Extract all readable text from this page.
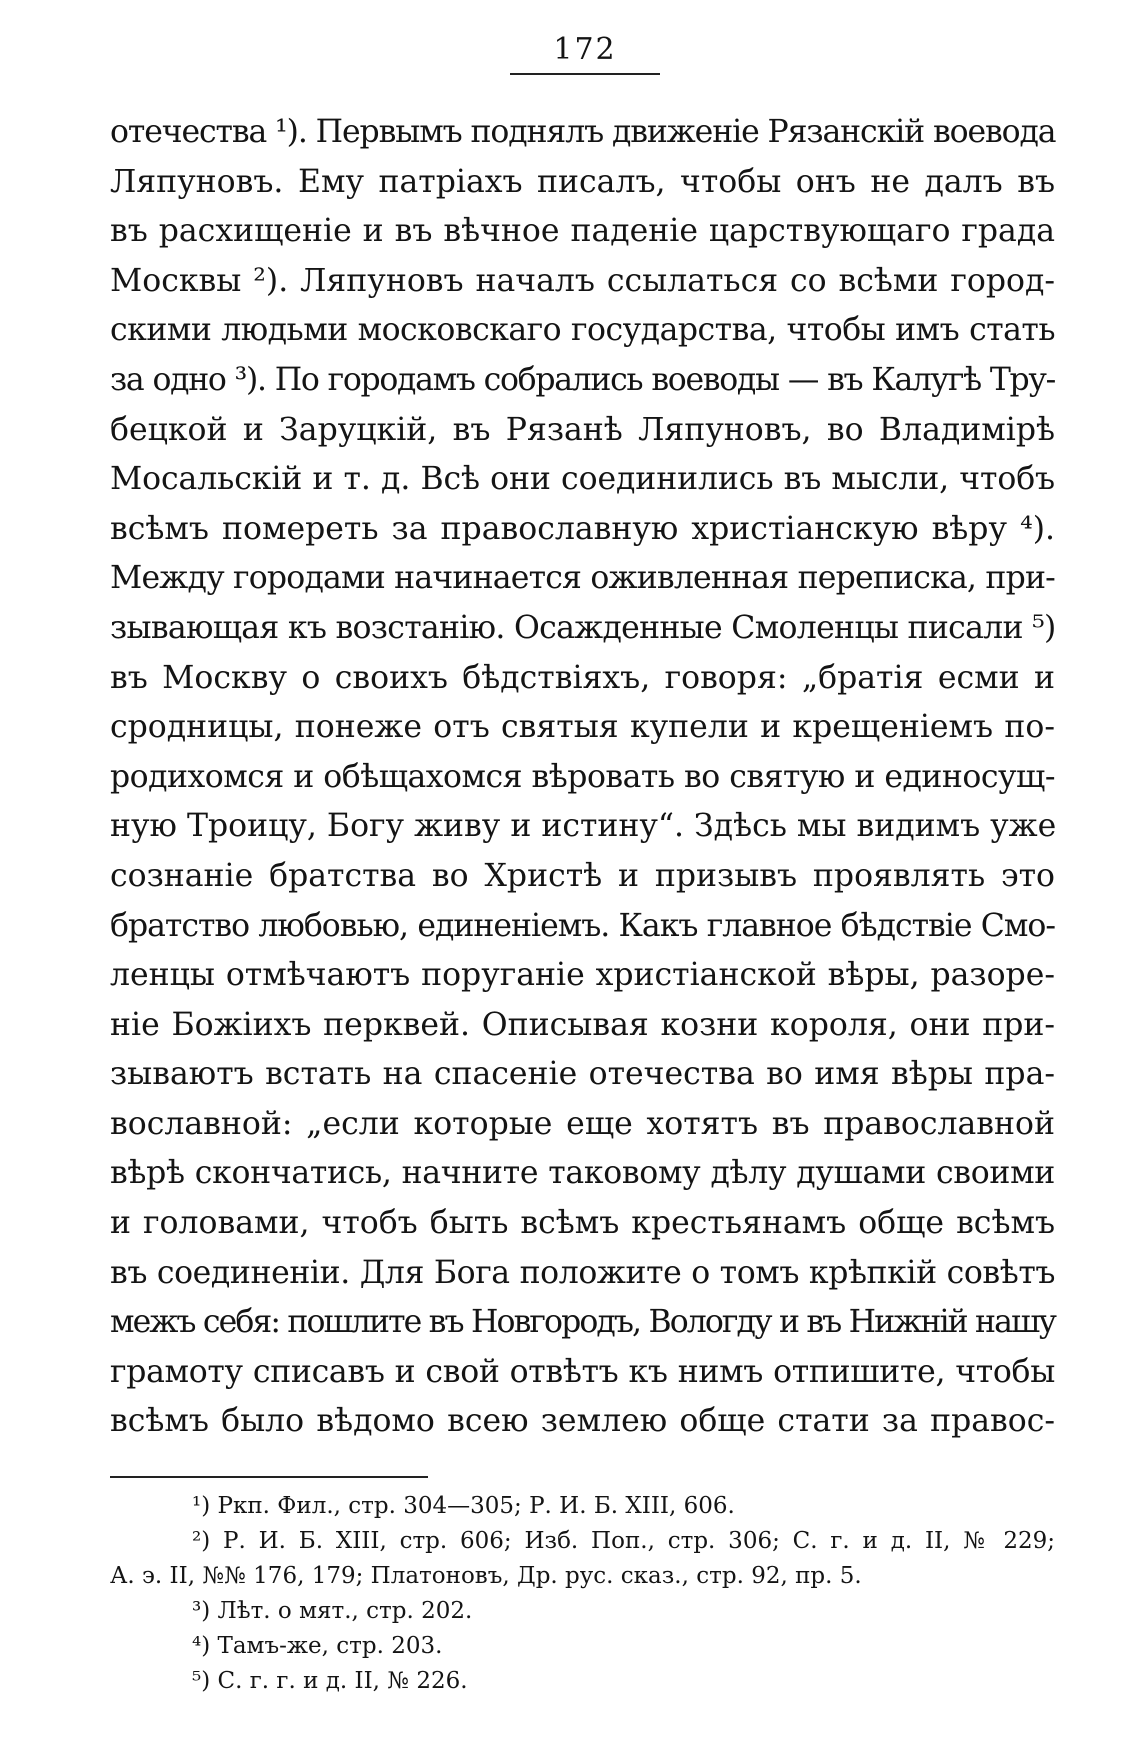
172
отечества ¹). Первымъ поднялъ движеніе Рязанскій воевода
Ляпуновъ. Ему патріахъ писалъ, чтобы онъ не далъ въ
въ расхищеніе и въ вѣчное паденіе царствующаго града
Москвы ²). Ляпуновъ началъ ссылаться со всѣми город-
скими людьми московскаго государства, чтобы имъ стать
за одно ³). По городамъ собрались воеводы — въ Калугѣ Тру-
бецкой и Заруцкій, въ Рязанѣ Ляпуновъ, во Владимірѣ
Мосальскій и т. д. Всѣ они соединились въ мысли, чтобъ
всѣмъ помереть за православную христіанскую вѣру ⁴).
Между городами начинается оживленная переписка, при-
зывающая къ возстанію. Осажденные Смоленцы писали ⁵)
въ Москву о своихъ бѣдствіяхъ, говоря: „братія есми и
сродницы, понеже отъ святыя купели и крещеніемъ по-
родихомся и обѣщахомся вѣровать во святую и единосущ-
ную Троицу, Богу живу и истину“. Здѣсь мы видимъ уже
сознаніе братства во Христѣ и призывъ проявлять это
братство любовью, единеніемъ. Какъ главное бѣдствіе Смо-
ленцы отмѣчаютъ поруганіе христіанской вѣры, разоре-
ніе Божіихъ перквей. Описывая козни короля, они при-
зываютъ встать на спасеніе отечества во имя вѣры пра-
вославной: „если которые еще хотятъ въ православной
вѣрѣ скончатись, начните таковому дѣлу душами своими
и головами, чтобъ быть всѣмъ крестьянамъ обще всѣмъ
въ соединеніи. Для Бога положите о томъ крѣпкій совѣтъ
межъ себя: пошлите въ Новгородъ, Вологду и въ Нижній нашу
грамоту списавъ и свой отвѣтъ къ нимъ отпишите, чтобы
всѣмъ было вѣдомо всею землею обще стати за правос-
¹) Ркп. Фил., стр. 304—305; Р. И. Б. XIII, 606.
²) Р. И. Б. XIII, стр. 606; Изб. Поп., стр. 306; С. г. и д. II, № 229;
А. э. II, №№ 176, 179; Платоновъ, Др. рус. сказ., стр. 92, пр. 5.
³) Лѣт. о мят., стр. 202.
⁴) Тамъ-же, стр. 203.
⁵) С. г. г. и д. II, № 226.
